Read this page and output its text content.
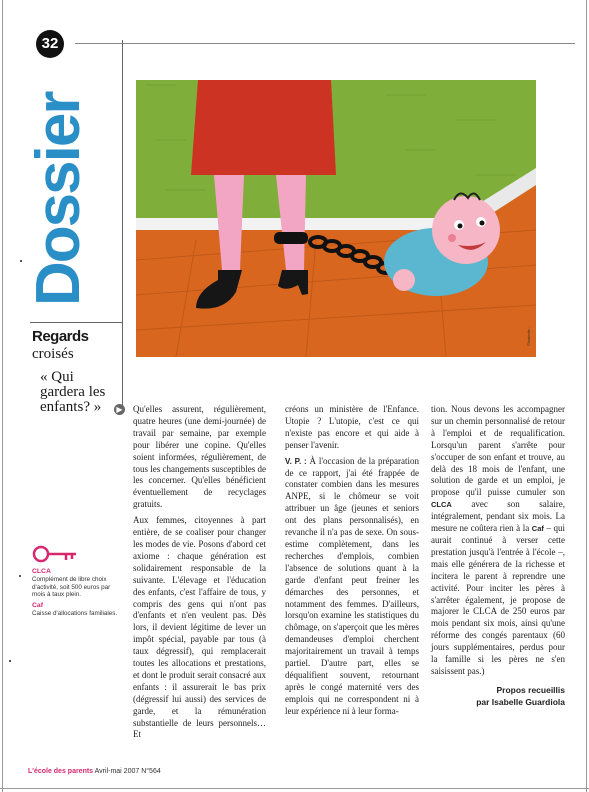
32
Dossier
Regards
croisés
« Qui gardera les enfants? »	▶
©Isabelle...
CLCA

Complément de libre choix d'activité, soit 500 euros par mois à taux plein.
Caf

Caisse d'allocations familiales.

Qu'elles assurent, régulièrement, quatre heures (une demi-journée) de travail par semaine, par exemple pour libérer une copine. Qu'elles soient informées, régulièrement, de tous les changements susceptibles de les concerner. Qu'elles bénéficient éventuellement de recyclages gratuits.

Aux femmes, citoyennes à part entière, de se coaliser pour changer les modes de vie. Posons d'abord cet axiome : chaque génération est solidairement responsable de la suivante. L'élevage et l'éducation des enfants, c'est l'affaire de tous, y compris des gens qui n'ont pas d'enfants et n'en veulent pas. Dès lors, il devient légitime de lever un impôt spécial, payable par tous (à taux dégressif), qui remplacerait toutes les allocations et prestations, et dont le produit serait consacré aux enfants : il assurerait le bas prix (dégressif lui aussi) des services de garde, et la rémunération substantielle de leurs personnels… Et

créons un ministère de l'Enfance. Utopie ? L'utopie, c'est ce qui n'existe pas encore et qui aide à penser l'avenir.

V. P. : À l'occasion de la préparation de ce rapport, j'ai été frappée de constater combien dans les mesures ANPE, si le chômeur se voit attribuer un âge (jeunes et seniors ont des plans personnalisés), en revanche il n'a pas de sexe. On sous-estime complètement, dans les recherches d'emplois, combien l'absence de solutions quant à la garde d'enfant peut freiner les démarches des personnes, et notamment des femmes. D'ailleurs, lorsqu'on examine les statistiques du chômage, on s'aperçoit que les mères demandeuses d'emploi cherchent majoritairement un travail à temps partiel. D'autre part, elles se déqualifient souvent, retournant après le congé maternité vers des emplois qui ne correspondent ni à leur expérience ni à leur forma-

tion. Nous devons les accompagner sur un chemin personnalisé de retour à l'emploi et de requalification. Lorsqu'un parent s'arrête pour s'occuper de son enfant et trouve, au delà des 18 mois de l'enfant, une solution de garde et un emploi, je propose qu'il puisse cumuler son CLCA avec son salaire, intégralement, pendant six mois. La mesure ne coûtera rien à la Caf – qui aurait continué à verser cette prestation jusqu'à l'entrée à l'école –, mais elle générera de la richesse et incitera le parent à reprendre une activité. Pour inciter les pères à s'arrêter également, je propose de majorer le CLCA de 250 euros par mois pendant six mois, ainsi qu'une réforme des congés parentaux (60 jours supplémentaires, perdus pour la famille si les pères ne s'en saisissent pas.)

Propos recueillis
par Isabelle Guardiola
L'école des parents Avril-mai 2007 N°564
